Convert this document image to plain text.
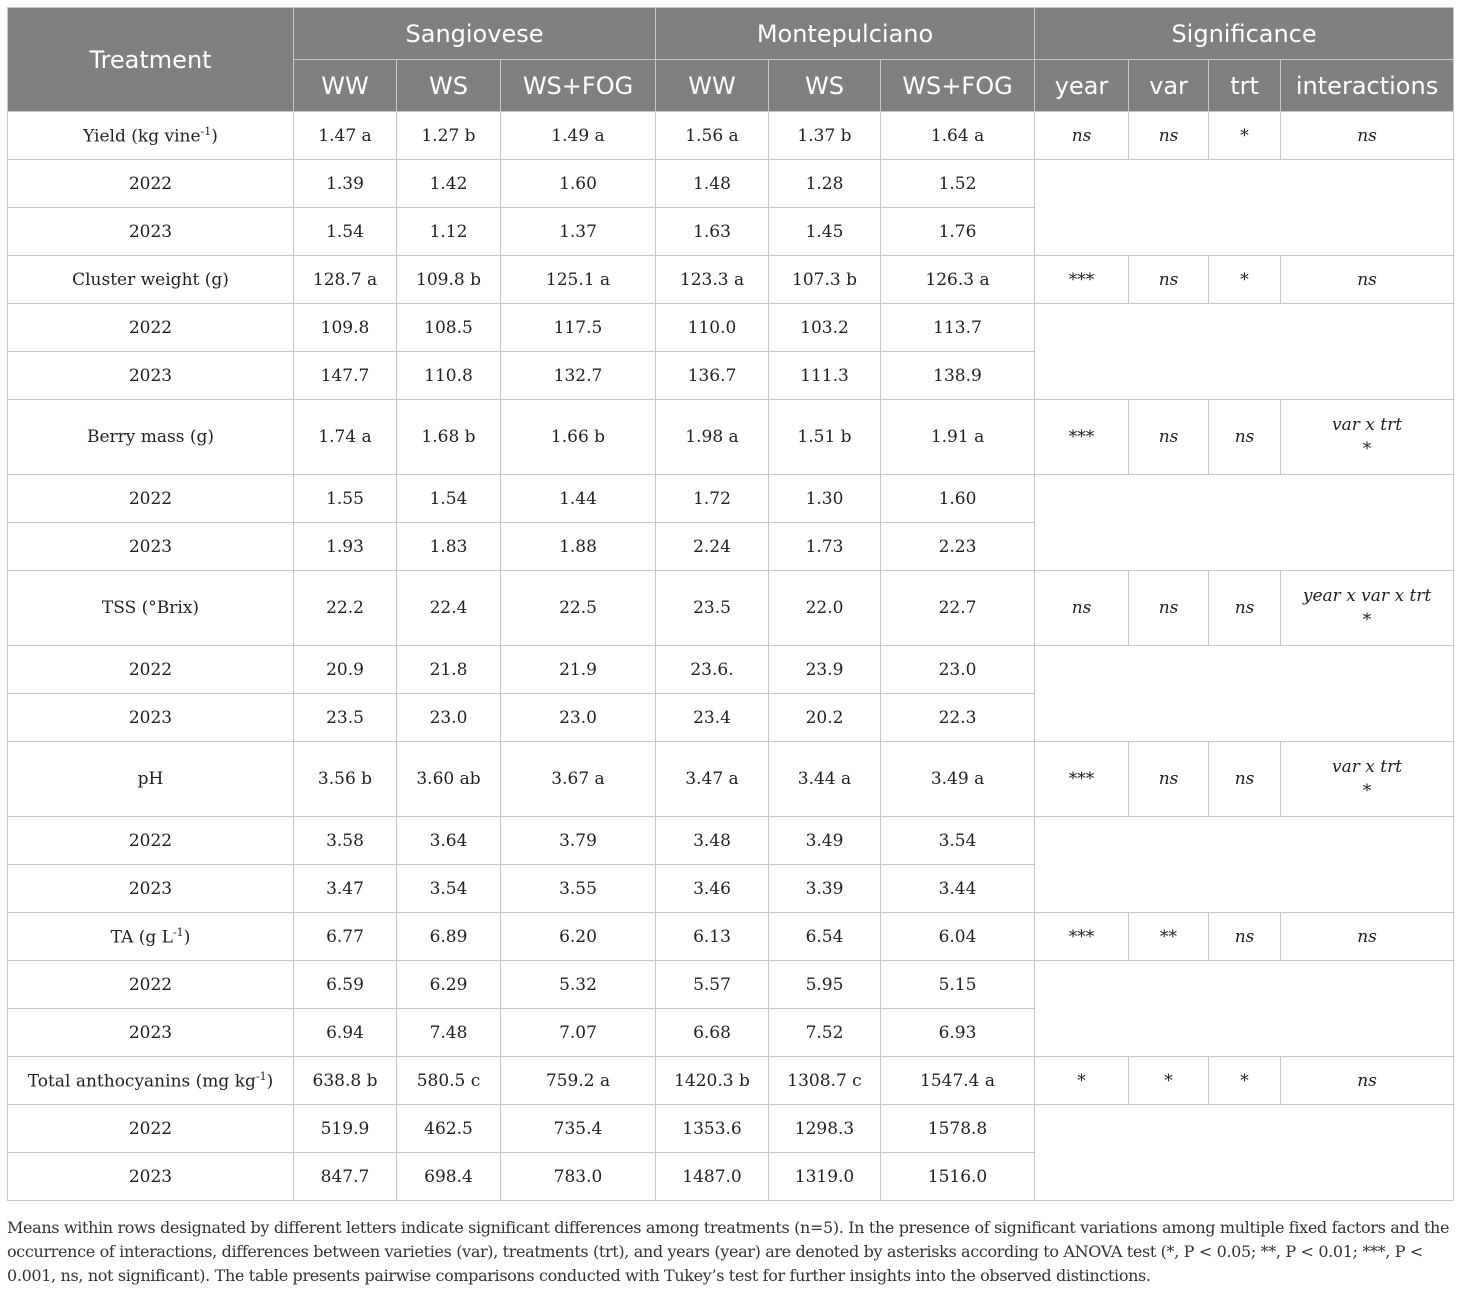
Treatment	Sangiovese			Montepulciano			Significance			
	WW	WS	WS+FOG	WW	WS	WS+FOG	year	var	trt	interactions
Yield (kg vine$^{-1}$)	1.47 a	1.27 b	1.49 a	1.56 a	1.37 b	1.64 a	ns	ns	*	ns

2022	1.39	1.42	1.60	1.48	1.28	1.52				
2023	1.54	1.12	1.37	1.63	1.45	1.76				
Cluster weight (g)	128.7 a	109.8 b	125.1 a	123.3 a	107.3 b	126.3 a	***	ns	*	ns

2022	109.8	108.5	117.5	110.0	103.2	113.7				
2023	147.7	110.8	132.7	136.7	111.3	138.9				
Berry mass (g)	1.74 a	1.68 b	1.66 b	1.98 a	1.51 b	1.91 a	***	ns	ns	var x trt
*

2022	1.55	1.54	1.44	1.72	1.30	1.60				
2023	1.93	1.83	1.88	2.24	1.73	2.23				
TSS (°Brix)	22.2	22.4	22.5	23.5	22.0	22.7	ns	ns	ns	year x var x trt
*

2022	20.9	21.8	21.9	23.6.	23.9	23.0				
2023	23.5	23.0	23.0	23.4	20.2	22.3				
pH	3.56 b	3.60 ab	3.67 a	3.47 a	3.44 a	3.49 a	***	ns	ns	var x trt
*

2022	3.58	3.64	3.79	3.48	3.49	3.54				
2023	3.47	3.54	3.55	3.46	3.39	3.44				
TA (g $L^{-1}$)	6.77	6.89	6.20	6.13	6.54	6.04	***	**	ns	ns

2022	6.59	6.29	5.32	5.57	5.95	5.15				
2023	6.94	7.48	7.07	6.68	7.52	6.93				
Total anthocyanins (mg $kg^{-1}$)	638.8 b	580.5 c	759.2 a	1420.3 b	1308.7 c	1547.4 a	*	*	*	ns

2022	519.9	462.5	735.4	1353.6	1298.3	1578.8				
2023	847.7	698.4	783.0	1487.0	1319.0	1516.0				

Means within rows designated by different letters indicate significant differences among treatments (n=5). In the presence of significant variations among multiple fixed factors and the occurrence of interactions, differences between varieties (var), treatments (trt), and years (year) are denoted by asterisks according to ANOVA test (*, P < 0.05; **, P < 0.01; ***, P < 0.001, ns, not significant). The table presents pairwise comparisons conducted with Tukey’s test for further insights into the observed distinctions.
